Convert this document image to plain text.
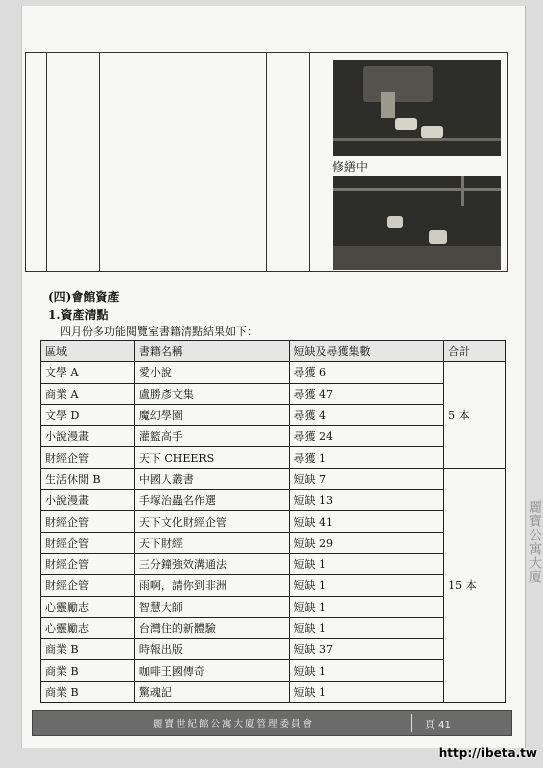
修繕中
(四)會館資產
1.資產清點
四月份多功能閱覽室書籍清點結果如下：
區域	書籍名稱	短缺及尋獲集數	合計
文學 A	愛小說	尋獲 6	5 本
商業 A	盧勝彥文集	尋獲 47	
文學 D	魔幻學園	尋獲 4	
小說漫畫	灌籃高手	尋獲 24	
財經企管	天下 CHEERS	尋獲 1	
生活休閒 B	中國人叢書	短缺 7	15 本
小說漫畫	手塚治蟲名作選	短缺 13	
財經企管	天下文化財經企管	短缺 41	
財經企管	天下財經	短缺 29	
財經企管	三分鐘強效溝通法	短缺 1	
財經企管	雨啊，請你到非洲	短缺 1	
心靈勵志	智慧大師	短缺 1	
心靈勵志	台灣住的新體驗	短缺 1	
商業 B	時報出版	短缺 37	
商業 B	咖啡王國傳奇	短缺 1	
商業 B	驚魂記	短缺 1	
麗寶世紀館公寓大廈管理委員會	頁 41
麗寶公寓大廈
http://ibeta.tw
